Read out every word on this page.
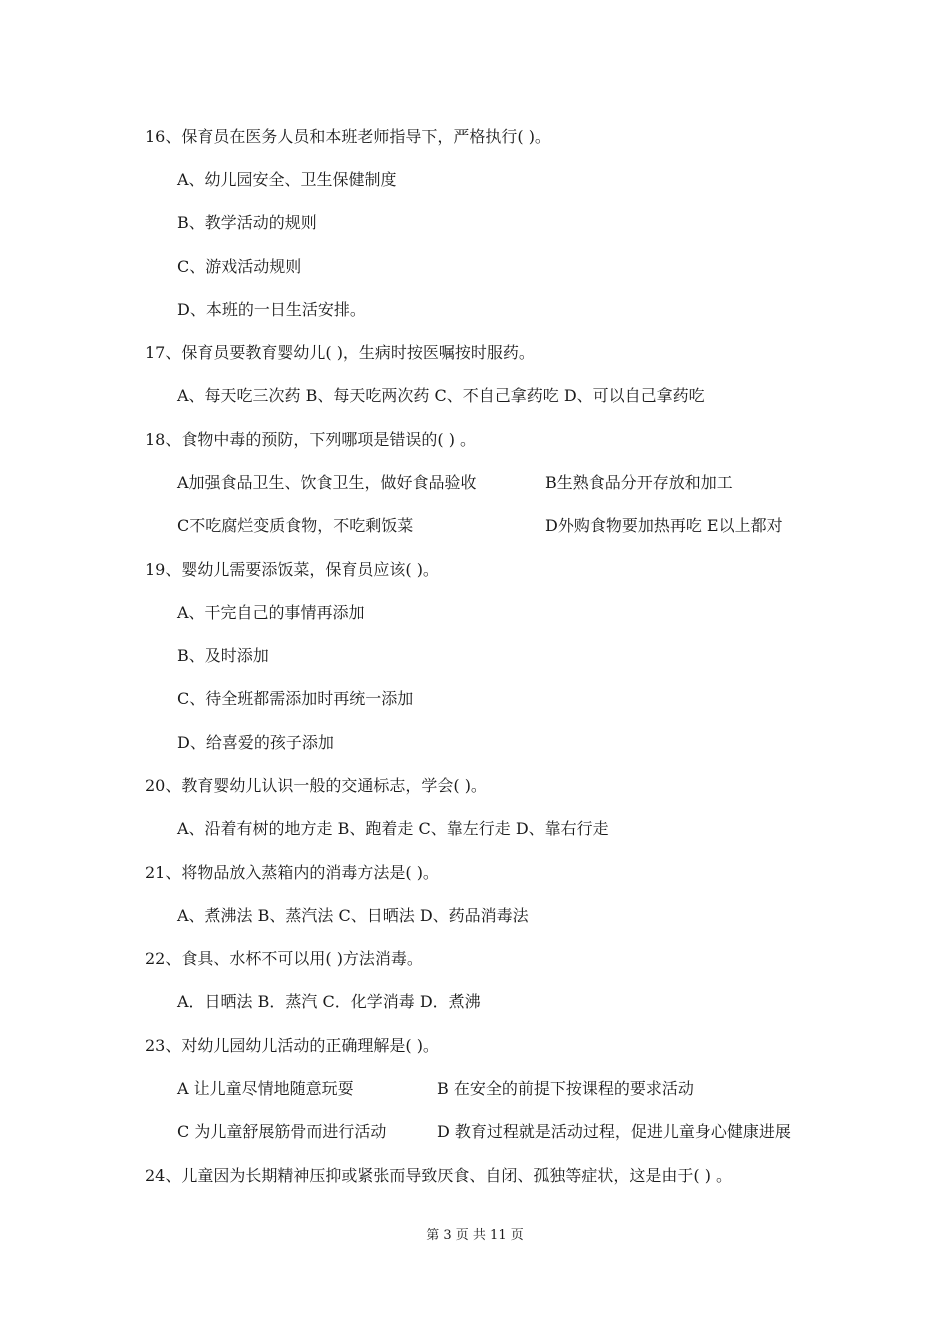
16、保育员在医务人员和本班老师指导下，严格执行( )。
A、幼儿园安全、卫生保健制度
B、教学活动的规则
C、游戏活动规则
D、本班的一日生活安排。
17、保育员要教育婴幼儿( )，生病时按医嘱按时服药。
A、每天吃三次药 B、每天吃两次药 C、不自己拿药吃 D、可以自己拿药吃
18、食物中毒的预防，下列哪项是错误的( ) 。
A加强食品卫生、饮食卫生，做好食品验收	B生熟食品分开存放和加工
C不吃腐烂变质食物，不吃剩饭菜	D外购食物要加热再吃 E以上都对
19、婴幼儿需要添饭菜，保育员应该( )。
A、干完自己的事情再添加
B、及时添加
C、待全班都需添加时再统一添加
D、给喜爱的孩子添加
20、教育婴幼儿认识一般的交通标志，学会( )。
A、沿着有树的地方走 B、跑着走 C、靠左行走 D、靠右行走
21、将物品放入蒸箱内的消毒方法是( )。
A、煮沸法 B、蒸汽法 C、日晒法 D、药品消毒法
22、食具、水杯不可以用( )方法消毒。
A．日晒法 B．蒸汽 C．化学消毒 D．煮沸
23、对幼儿园幼儿活动的正确理解是( )。
A 让儿童尽情地随意玩耍	B 在安全的前提下按课程的要求活动
C 为儿童舒展筋骨而进行活动	D 教育过程就是活动过程，促进儿童身心健康进展
24、儿童因为长期精神压抑或紧张而导致厌食、自闭、孤独等症状，这是由于( ) 。
第 3 页 共 11 页
